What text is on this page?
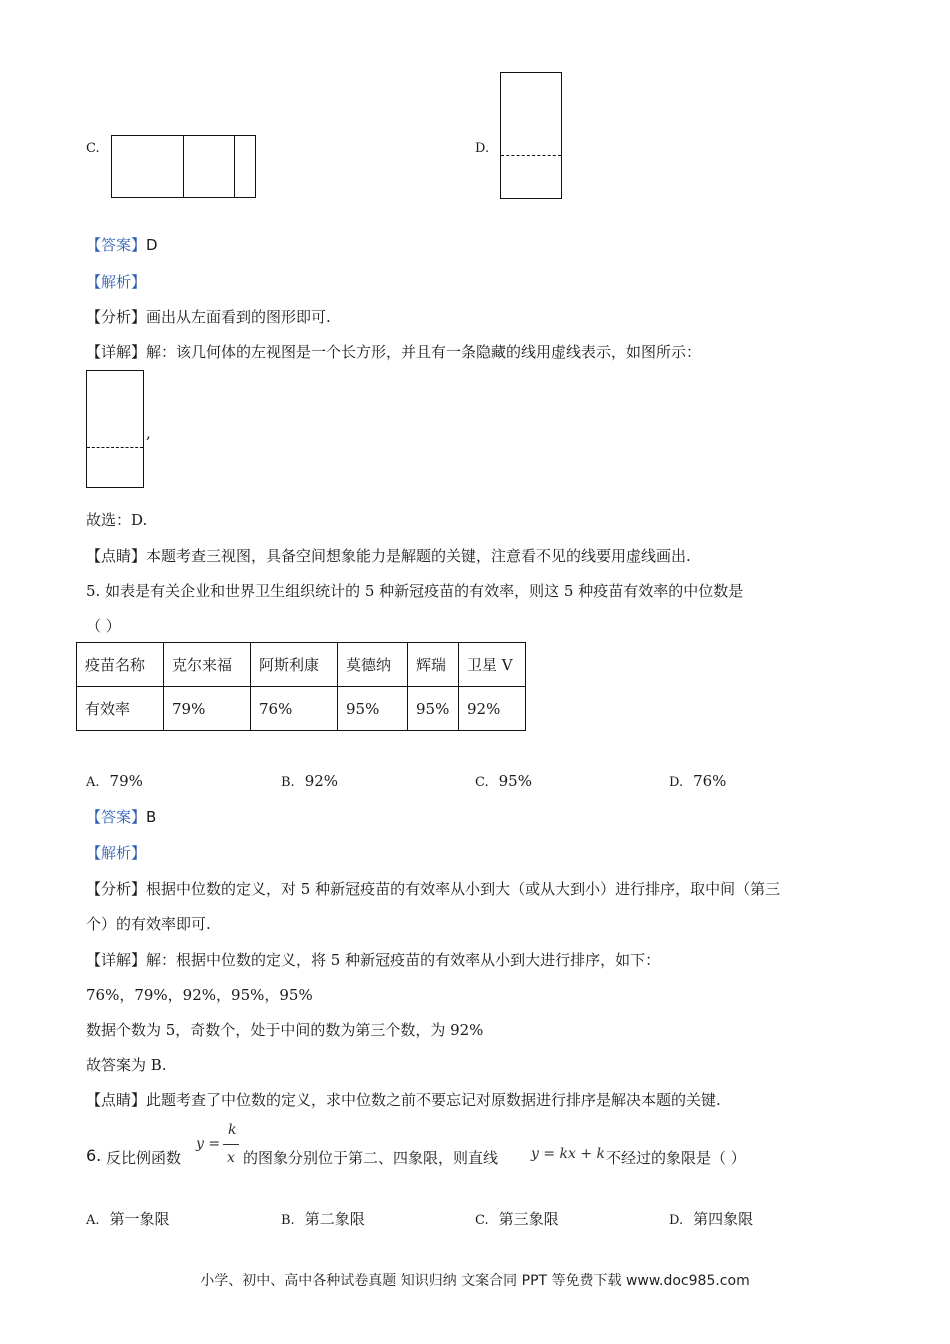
C.	D.
【答案】D
【解析】
【分析】画出从左面看到的图形即可.
【详解】解：该几何体的左视图是一个长方形，并且有一条隐藏的线用虚线表示，如图所示：
,
故选：D.
【点睛】本题考查三视图，具备空间想象能力是解题的关键，注意看不见的线要用虚线画出.
5. 如表是有关企业和世界卫生组织统计的 5 种新冠疫苗的有效率，则这 5 种疫苗有效率的中位数是
（ ）
疫苗名称	克尔来福	阿斯利康	莫德纳	辉瑞	卫星 V
有效率	79%	76%	95%	95%	92%
A. 79%	B. 92%	C. 95%	D. 76%
【答案】B
【解析】
【分析】根据中位数的定义，对 5 种新冠疫苗的有效率从小到大（或从大到小）进行排序，取中间（第三
个）的有效率即可.
【详解】解：根据中位数的定义，将 5 种新冠疫苗的有效率从小到大进行排序，如下：
76%，79%，92%，95%，95%
数据个数为 5，奇数个，处于中间的数为第三个数，为 92%
故答案为 B.
【点睛】此题考查了中位数的定义，求中位数之前不要忘记对原数据进行排序是解决本题的关键.
6. 反比例函数
y =
k
x 的图象分别位于第二、四象限，则直线 y = kx + k 不经过的象限是（ ）
A. 第一象限	B. 第二象限	C. 第三象限	D. 第四象限
小学、初中、高中各种试卷真题 知识归纳 文案合同 PPT 等免费下载 www.doc985.com
